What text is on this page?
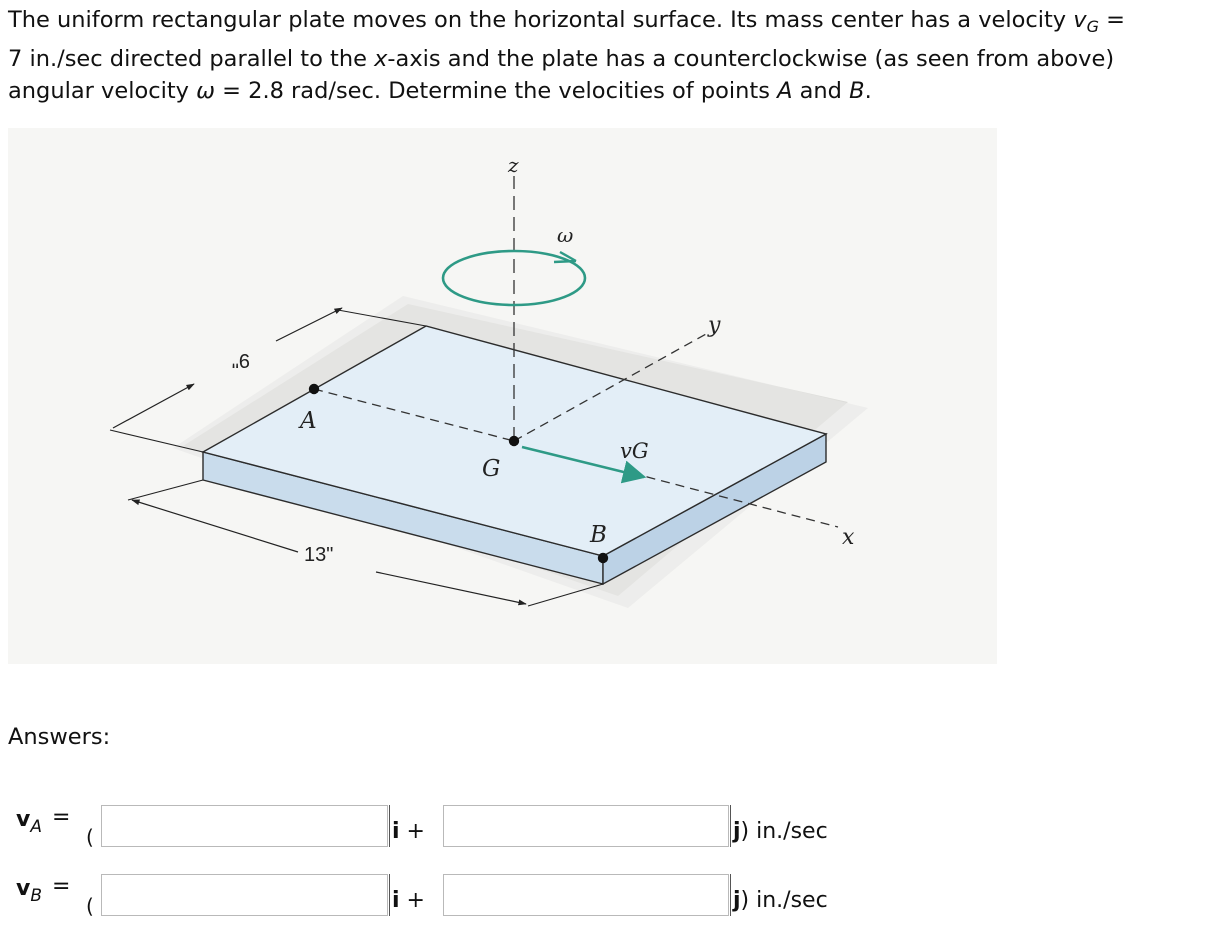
The uniform rectangular plate moves on the horizontal surface. Its mass center has a velocity $v_G$ =
7 in./sec directed parallel to the x-axis and the plate has a counterclockwise (as seen from above)
angular velocity ω = 2.8 rad/sec. Determine the velocities of points A and B.
z
ω
y
x
A
G
B
vG
9"
13"
Answers:
$v_A$ =
(	i +	j) in./sec
$v_B$ =
(	i +	j) in./sec
